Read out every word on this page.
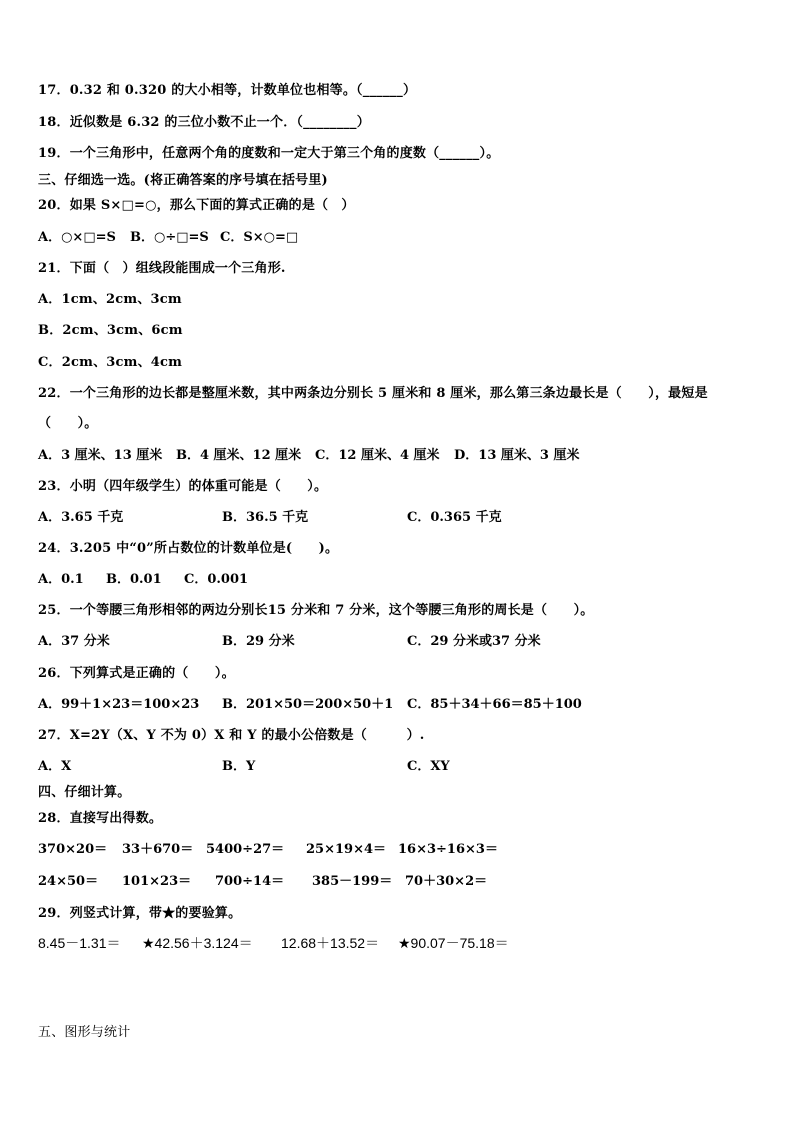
17．0.32 和 0.320 的大小相等，计数单位也相等。（______）
18．近似数是 6.32 的三位小数不止一个．（________）
19．一个三角形中，任意两个角的度数和一定大于第三个角的度数（______）。
三、仔细选一选。(将正确答案的序号填在括号里)
20．如果 S×□=○，那么下面的算式正确的是（　）

A．○×□=S

B．○÷□=S

C．S×○=□

21．下面（　）组线段能围成一个三角形.
A．1cm、2cm、3cm
B．2cm、3cm、6cm
C．2cm、3cm、4cm
22．一个三角形的边长都是整厘米数，其中两条边分别长 5 厘米和 8 厘米，那么第三条边最长是（　　），最短是
（　　）。

A．3 厘米、13 厘米

B．4 厘米、12 厘米

C．12 厘米、4 厘米

D．13 厘米、3 厘米

23．小明（四年级学生）的体重可能是（　　）。

A．3.65 千克

	B．36.5 千克

	C．0.365 千克

24．3.205 中“0”所占数位的计数单位是(　　)。

A．0.1

B．0.01

C．0.001

25．一个等腰三角形相邻的两边分别长15 分米和 7 分米，这个等腰三角形的周长是（　　）。

A．37 分米

	B．29 分米

	C．29 分米或37 分米

26．下列算式是正确的（　　）。

A．99＋1×23＝100×23

B．201×50＝200×50＋1

C．85＋34＋66＝85＋100

27．X=2Y（X、Y 不为 0）X 和 Y 的最小公倍数是（　　　）.

A．X

	B．Y

	C．XY

四、仔细计算。
28．直接写出得数。

370×20＝

33＋670＝

5400÷27＝

25×19×4＝

16×3÷16×3＝

24×50＝

101×23＝

700÷14＝

385－199＝

70＋30×2＝

29．列竖式计算，带★的要验算。

8.45－1.31＝

★42.56＋3.124＝

12.68＋13.52＝

★90.07－75.18＝

五、图形与统计
